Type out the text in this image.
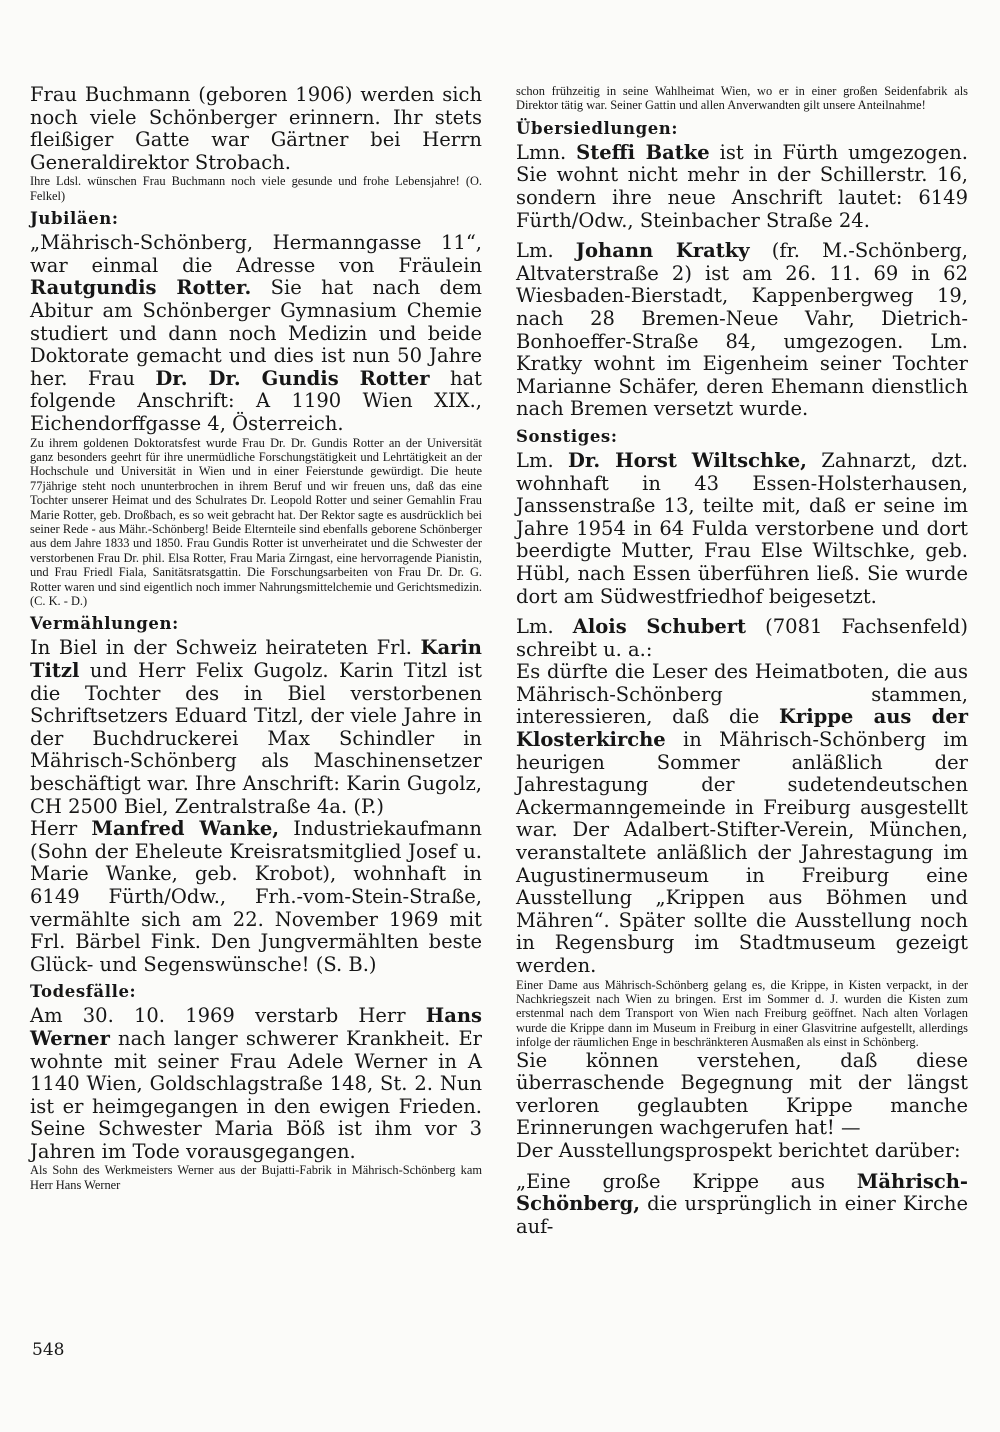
Frau Buchmann (geboren 1906) werden sich noch viele Schönberger erinnern. Ihr stets fleißiger Gatte war Gärtner bei Herrn Generaldirektor Strobach.

Ihre Ldsl. wünschen Frau Buchmann noch viele gesunde und frohe Lebensjahre! (O. Felkel)

Jubiläen:

„Mährisch-Schönberg, Hermanngasse 11“, war einmal die Adresse von Fräulein Rautgundis Rotter. Sie hat nach dem Abitur am Schönberger Gymnasium Chemie studiert und dann noch Medizin und beide Doktorate gemacht und dies ist nun 50 Jahre her. Frau Dr. Dr. Gundis Rotter hat folgende Anschrift: A 1190 Wien XIX., Eichendorffgasse 4, Österreich.

Zu ihrem goldenen Doktoratsfest wurde Frau Dr. Dr. Gundis Rotter an der Universität ganz besonders geehrt für ihre unermüdliche Forschungstätigkeit und Lehrtätigkeit an der Hochschule und Universität in Wien und in einer Feierstunde gewürdigt. Die heute 77jährige steht noch ununterbrochen in ihrem Beruf und wir freuen uns, daß das eine Tochter unserer Heimat und des Schulrates Dr. Leopold Rotter und seiner Gemahlin Frau Marie Rotter, geb. Droßbach, es so weit gebracht hat. Der Rektor sagte es ausdrücklich bei seiner Rede - aus Mähr.-Schönberg! Beide Elternteile sind ebenfalls geborene Schönberger aus dem Jahre 1833 und 1850. Frau Gundis Rotter ist unverheiratet und die Schwester der verstorbenen Frau Dr. phil. Elsa Rotter, Frau Maria Zirngast, eine hervorragende Pianistin, und Frau Friedl Fiala, Sanitätsratsgattin. Die Forschungsarbeiten von Frau Dr. Dr. G. Rotter waren und sind eigentlich noch immer Nahrungsmittelchemie und Gerichtsmedizin. (C. K. - D.)

Vermählungen:

In Biel in der Schweiz heirateten Frl. Karin Titzl und Herr Felix Gugolz. Karin Titzl ist die Tochter des in Biel verstorbenen Schriftsetzers Eduard Titzl, der viele Jahre in der Buchdruckerei Max Schindler in Mährisch-Schönberg als Maschinensetzer beschäftigt war. Ihre Anschrift: Karin Gugolz, CH 2500 Biel, Zentralstraße 4a. (P.)

Herr Manfred Wanke, Industriekaufmann (Sohn der Eheleute Kreisratsmitglied Josef u. Marie Wanke, geb. Krobot), wohnhaft in 6149 Fürth/Odw., Frh.-vom-Stein-Straße, vermählte sich am 22. November 1969 mit Frl. Bärbel Fink. Den Jungvermählten beste Glück- und Segenswünsche! (S. B.)

Todesfälle:

Am 30. 10. 1969 verstarb Herr Hans Werner nach langer schwerer Krankheit. Er wohnte mit seiner Frau Adele Werner in A 1140 Wien, Goldschlagstraße 148, St. 2. Nun ist er heimgegangen in den ewigen Frieden. Seine Schwester Maria Böß ist ihm vor 3 Jahren im Tode vorausgegangen.

Als Sohn des Werkmeisters Werner aus der Bujatti-Fabrik in Mährisch-Schönberg kam Herr Hans Werner

schon frühzeitig in seine Wahlheimat Wien, wo er in einer großen Seidenfabrik als Direktor tätig war. Seiner Gattin und allen Anverwandten gilt unsere Anteilnahme!

Übersiedlungen:

Lmn. Steffi Batke ist in Fürth umgezogen. Sie wohnt nicht mehr in der Schillerstr. 16, sondern ihre neue Anschrift lautet: 6149 Fürth/Odw., Steinbacher Straße 24.

Lm. Johann Kratky (fr. M.-Schönberg, Altvaterstraße 2) ist am 26. 11. 69 in 62 Wiesbaden-Bierstadt, Kappenbergweg 19, nach 28 Bremen-Neue Vahr, Dietrich-Bonhoeffer-Straße 84, umgezogen. Lm. Kratky wohnt im Eigenheim seiner Tochter Marianne Schäfer, deren Ehemann dienstlich nach Bremen versetzt wurde.

Sonstiges:

Lm. Dr. Horst Wiltschke, Zahnarzt, dzt. wohnhaft in 43 Essen-Holsterhausen, Janssenstraße 13, teilte mit, daß er seine im Jahre 1954 in 64 Fulda verstorbene und dort beerdigte Mutter, Frau Else Wiltschke, geb. Hübl, nach Essen überführen ließ. Sie wurde dort am Südwestfriedhof beigesetzt.

Lm. Alois Schubert (7081 Fachsenfeld) schreibt u. a.:

Es dürfte die Leser des Heimatboten, die aus Mährisch-Schönberg stammen, interessieren, daß die Krippe aus der Klosterkirche in Mährisch-Schönberg im heurigen Sommer anläßlich der Jahrestagung der sudetendeutschen Ackermanngemeinde in Freiburg ausgestellt war. Der Adalbert-Stifter-Verein, München, veranstaltete anläßlich der Jahrestagung im Augustinermuseum in Freiburg eine Ausstellung „Krippen aus Böhmen und Mähren“. Später sollte die Ausstellung noch in Regensburg im Stadtmuseum gezeigt werden.

Einer Dame aus Mährisch-Schönberg gelang es, die Krippe, in Kisten verpackt, in der Nachkriegszeit nach Wien zu bringen. Erst im Sommer d. J. wurden die Kisten zum erstenmal nach dem Transport von Wien nach Freiburg geöffnet. Nach alten Vorlagen wurde die Krippe dann im Museum in Freiburg in einer Glasvitrine aufgestellt, allerdings infolge der räumlichen Enge in beschränkteren Ausmaßen als einst in Schönberg.

Sie können verstehen, daß diese überraschende Begegnung mit der längst verloren geglaubten Krippe manche Erinnerungen wachgerufen hat! —

Der Ausstellungsprospekt berichtet darüber:

„Eine große Krippe aus Mährisch-Schönberg, die ursprünglich in einer Kirche auf-

548
